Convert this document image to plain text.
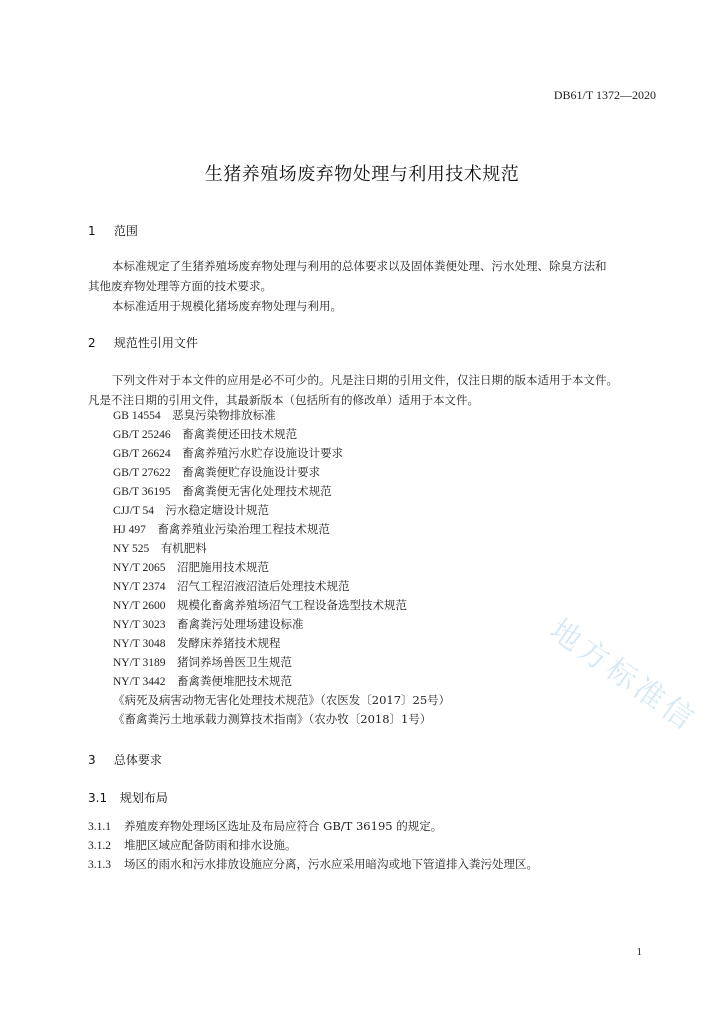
DB61/T 1372—2020
生猪养殖场废弃物处理与利用技术规范
1 范围
本标准规定了生猪养殖场废弃物处理与利用的总体要求以及固体粪便处理、污水处理、除臭方法和
其他废弃物处理等方面的技术要求。
本标准适用于规模化猪场废弃物处理与利用。
2 规范性引用文件
下列文件对于本文件的应用是必不可少的。凡是注日期的引用文件，仅注日期的版本适用于本文件。
凡是不注日期的引用文件，其最新版本（包括所有的修改单）适用于本文件。
GB 14554　 恶臭污染物排放标准
GB/T 25246　 畜禽粪便还田技术规范
GB/T 26624　 畜禽养殖污水贮存设施设计要求
GB/T 27622　 畜禽粪便贮存设施设计要求
GB/T 36195　 畜禽粪便无害化处理技术规范
CJJ/T 54　 污水稳定塘设计规范
HJ 497　 畜禽养殖业污染治理工程技术规范
NY 525　 有机肥料
NY/T 2065　 沼肥施用技术规范
NY/T 2374　 沼气工程沼液沼渣后处理技术规范
NY/T 2600　 规模化畜禽养殖场沼气工程设备选型技术规范
NY/T 3023　 畜禽粪污处理场建设标准
NY/T 3048　 发酵床养猪技术规程
NY/T 3189　 猪饲养场兽医卫生规范
NY/T 3442　 畜禽粪便堆肥技术规范
《病死及病害动物无害化处理技术规范》（农医发〔2017〕25号）
《畜禽粪污土地承载力测算技术指南》（农办牧〔2018〕1号）
3 总体要求
3.1 规划布局
3.1.1 养殖废弃物处理场区选址及布局应符合 GB/T 36195 的规定。
3.1.2 堆肥区域应配备防雨和排水设施。
3.1.3 场区的雨水和污水排放设施应分离，污水应采用暗沟或地下管道排入粪污处理区。
地方标准信
1
